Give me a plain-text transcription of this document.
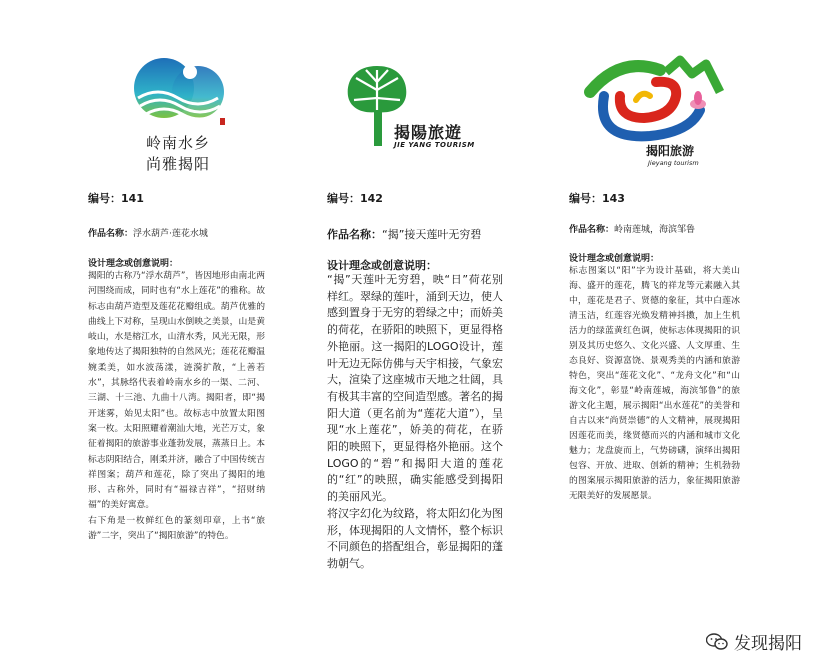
岭南水乡
尚雅揭阳
编号：141
作品名称：浮水葫芦·莲花水城
设计理念或创意说明：

揭阳的古称乃“浮水葫芦”，皆因地形由南北两河围绕而成，同时也有“水上莲花”的雅称。故标志由葫芦造型及莲花花瓣组成。葫芦优雅的曲线上下对称，呈现山水倒映之美景，山是黄岐山，水是榕江水，山清水秀，风光无限，形象地传达了揭阳独特的自然风光；莲花花瓣温婉柔美，如水波荡漾，涟漪扩散，“上善若水”，其脉络代表着岭南水乡的一渠、二河、三湖、十三池、九曲十八湾。揭阳者，即“揭开迷雾，始见太阳”也。故标志中放置太阳图案一枚。太阳照耀着潮汕大地，光芒万丈，象征着揭阳的旅游事业蓬勃发展，蒸蒸日上。本标志阴阳结合，刚柔并济，融合了中国传统吉祥图案；葫芦和莲花，除了突出了揭阳的地形、古称外，同时有“福禄吉祥”，“招财纳福”的美好寓意。

右下角是一枚鲜红色的篆刻印章，上书“旅游”二字，突出了“揭阳旅游”的特色。

揭陽旅遊
JIE YANG TOURISM
编号：142
作品名称：“揭”接天莲叶无穷碧
设计理念或创意说明：

“揭”天莲叶无穷碧，映“日”荷花别样红。翠绿的莲叶，涌到天边，使人感到置身于无穷的碧绿之中；而娇美的荷花，在骄阳的映照下，更显得格外艳丽。这一揭阳的LOGO设计，莲叶无边无际仿佛与天宇相接，气象宏大，渲染了这座城市天地之壮阔，具有极其丰富的空间造型感。著名的揭阳大道（更名前为“莲花大道”），呈现“水上莲花”，娇美的荷花，在骄阳的映照下，更显得格外艳丽。这个LOGO的“碧”和揭阳大道的莲花的“红”的映照，确实能感受到揭阳的美丽风光。

将汉字幻化为纹路，将太阳幻化为图形，体现揭阳的人文情怀，整个标识不同颜色的搭配组合，彰显揭阳的蓬勃朝气。

揭阳旅游
Jieyang tourism
编号：143
作品名称：岭南莲城，海滨邹鲁
设计理念或创意说明：

标志图案以“阳”字为设计基础，将大美山海、盛开的莲花，腾飞的祥龙等元素融入其中，莲花是君子、贤德的象征，其中白莲冰清玉洁，红莲容光焕发精神抖擞，加上生机活力的绿蓝黄红色调，使标志体现揭阳的识别及其历史悠久、文化兴盛、人文厚重、生态良好、资源富饶、景观秀美的内涵和旅游特色，突出“莲花文化”、“龙舟文化”和“山海文化”，彰显“岭南莲城，海滨邹鲁”的旅游文化主题，展示揭阳“出水莲花”的美誉和自古以来“尚贤崇德”的人文精神，展现揭阳因莲花而美，缘贤德而兴的内涵和城市文化魅力；龙盘旋而上，气势磅礴，演绎出揭阳包容、开放、进取、创新的精神；生机勃勃的图案展示揭阳旅游的活力，象征揭阳旅游无限美好的发展愿景。

发现揭阳
